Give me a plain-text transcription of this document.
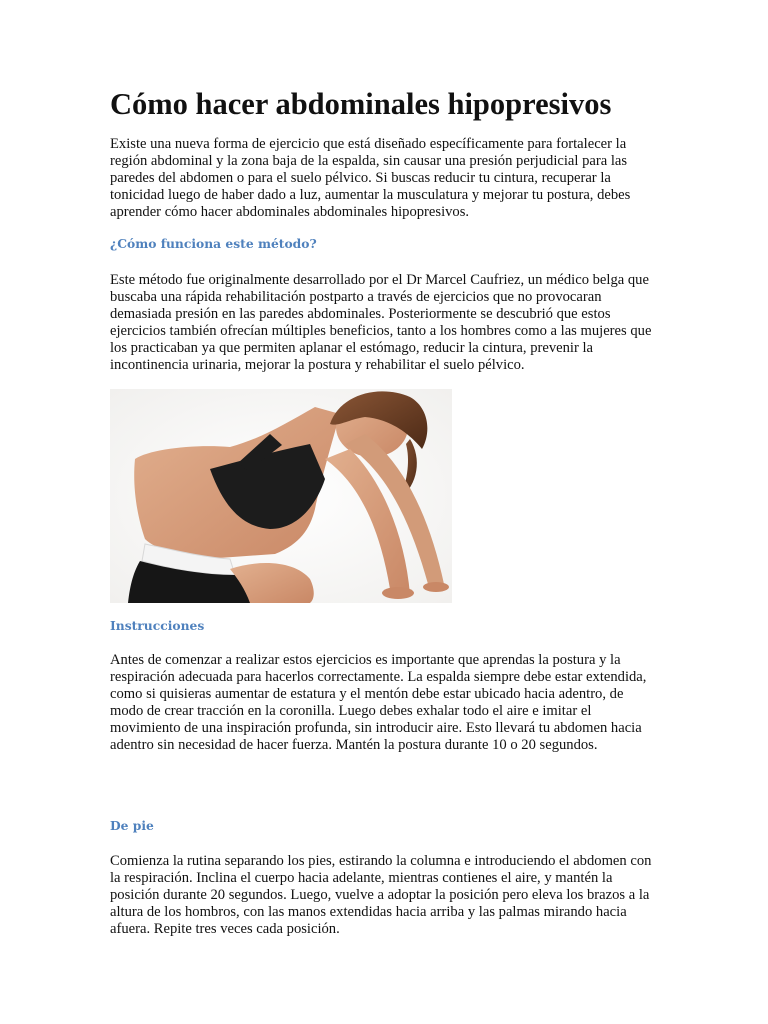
Cómo hacer abdominales hipopresivos

Existe una nueva forma de ejercicio que está diseñado específicamente para fortalecer la región abdominal y la zona baja de la espalda, sin causar una presión perjudicial para las paredes del abdomen o para el suelo pélvico. Si buscas reducir tu cintura, recuperar la tonicidad luego de haber dado a luz, aumentar la musculatura y mejorar tu postura, debes aprender cómo hacer abdominales abdominales hipopresivos.

¿Cómo funciona este método?

Este método fue originalmente desarrollado por el Dr Marcel Caufriez, un médico belga que buscaba una rápida rehabilitación postparto a través de ejercicios que no provocaran demasiada presión en las paredes abdominales. Posteriormente se descubrió que estos ejercicios también ofrecían múltiples beneficios, tanto a los hombres como a las mujeres que los practicaban ya que permiten aplanar el estómago, reducir la cintura, prevenir la incontinencia urinaria, mejorar la postura y rehabilitar el suelo pélvico.

Instrucciones

Antes de comenzar a realizar estos ejercicios es importante que aprendas la postura y la respiración adecuada para hacerlos correctamente. La espalda siempre debe estar extendida, como si quisieras aumentar de estatura y el mentón debe estar ubicado hacia adentro, de modo de crear tracción en la coronilla. Luego debes exhalar todo el aire e imitar el movimiento de una inspiración profunda, sin introducir aire. Esto llevará tu abdomen hacia adentro sin necesidad de hacer fuerza. Mantén la postura durante 10 o 20 segundos.

De pie

Comienza la rutina separando los pies, estirando la columna e introduciendo el abdomen con la respiración. Inclina el cuerpo hacia adelante, mientras contienes el aire, y mantén la posición durante 20 segundos. Luego, vuelve a adoptar la posición pero eleva los brazos a la altura de los hombros, con las manos extendidas hacia arriba y las palmas mirando hacia afuera. Repite tres veces cada posición.
